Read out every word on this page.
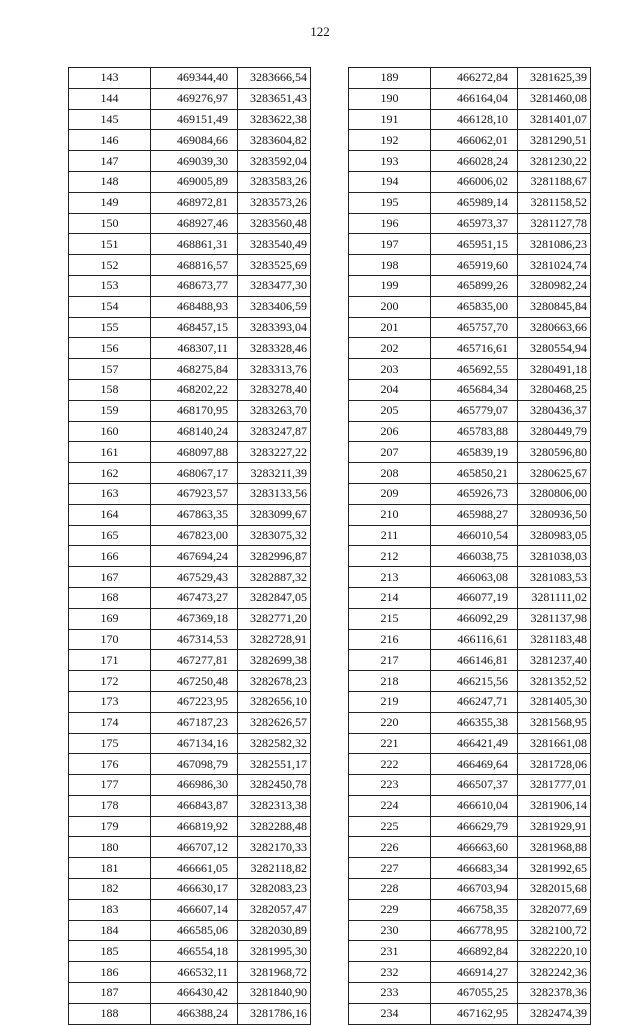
122
143	469344,40	3283666,54
144	469276,97	3283651,43
145	469151,49	3283622,38
146	469084,66	3283604,82
147	469039,30	3283592,04
148	469005,89	3283583,26
149	468972,81	3283573,26
150	468927,46	3283560,48
151	468861,31	3283540,49
152	468816,57	3283525,69
153	468673,77	3283477,30
154	468488,93	3283406,59
155	468457,15	3283393,04
156	468307,11	3283328,46
157	468275,84	3283313,76
158	468202,22	3283278,40
159	468170,95	3283263,70
160	468140,24	3283247,87
161	468097,88	3283227,22
162	468067,17	3283211,39
163	467923,57	3283133,56
164	467863,35	3283099,67
165	467823,00	3283075,32
166	467694,24	3282996,87
167	467529,43	3282887,32
168	467473,27	3282847,05
169	467369,18	3282771,20
170	467314,53	3282728,91
171	467277,81	3282699,38
172	467250,48	3282678,23
173	467223,95	3282656,10
174	467187,23	3282626,57
175	467134,16	3282582,32
176	467098,79	3282551,17
177	466986,30	3282450,78
178	466843,87	3282313,38
179	466819,92	3282288,48
180	466707,12	3282170,33
181	466661,05	3282118,82
182	466630,17	3282083,23
183	466607,14	3282057,47
184	466585,06	3282030,89
185	466554,18	3281995,30
186	466532,11	3281968,72
187	466430,42	3281840,90
188	466388,24	3281786,16
189	466272,84	3281625,39
190	466164,04	3281460,08
191	466128,10	3281401,07
192	466062,01	3281290,51
193	466028,24	3281230,22
194	466006,02	3281188,67
195	465989,14	3281158,52
196	465973,37	3281127,78
197	465951,15	3281086,23
198	465919,60	3281024,74
199	465899,26	3280982,24
200	465835,00	3280845,84
201	465757,70	3280663,66
202	465716,61	3280554,94
203	465692,55	3280491,18
204	465684,34	3280468,25
205	465779,07	3280436,37
206	465783,88	3280449,79
207	465839,19	3280596,80
208	465850,21	3280625,67
209	465926,73	3280806,00
210	465988,27	3280936,50
211	466010,54	3280983,05
212	466038,75	3281038,03
213	466063,08	3281083,53
214	466077,19	3281111,02
215	466092,29	3281137,98
216	466116,61	3281183,48
217	466146,81	3281237,40
218	466215,56	3281352,52
219	466247,71	3281405,30
220	466355,38	3281568,95
221	466421,49	3281661,08
222	466469,64	3281728,06
223	466507,37	3281777,01
224	466610,04	3281906,14
225	466629,79	3281929,91
226	466663,60	3281968,88
227	466683,34	3281992,65
228	466703,94	3282015,68
229	466758,35	3282077,69
230	466778,95	3282100,72
231	466892,84	3282220,10
232	466914,27	3282242,36
233	467055,25	3282378,36
234	467162,95	3282474,39
